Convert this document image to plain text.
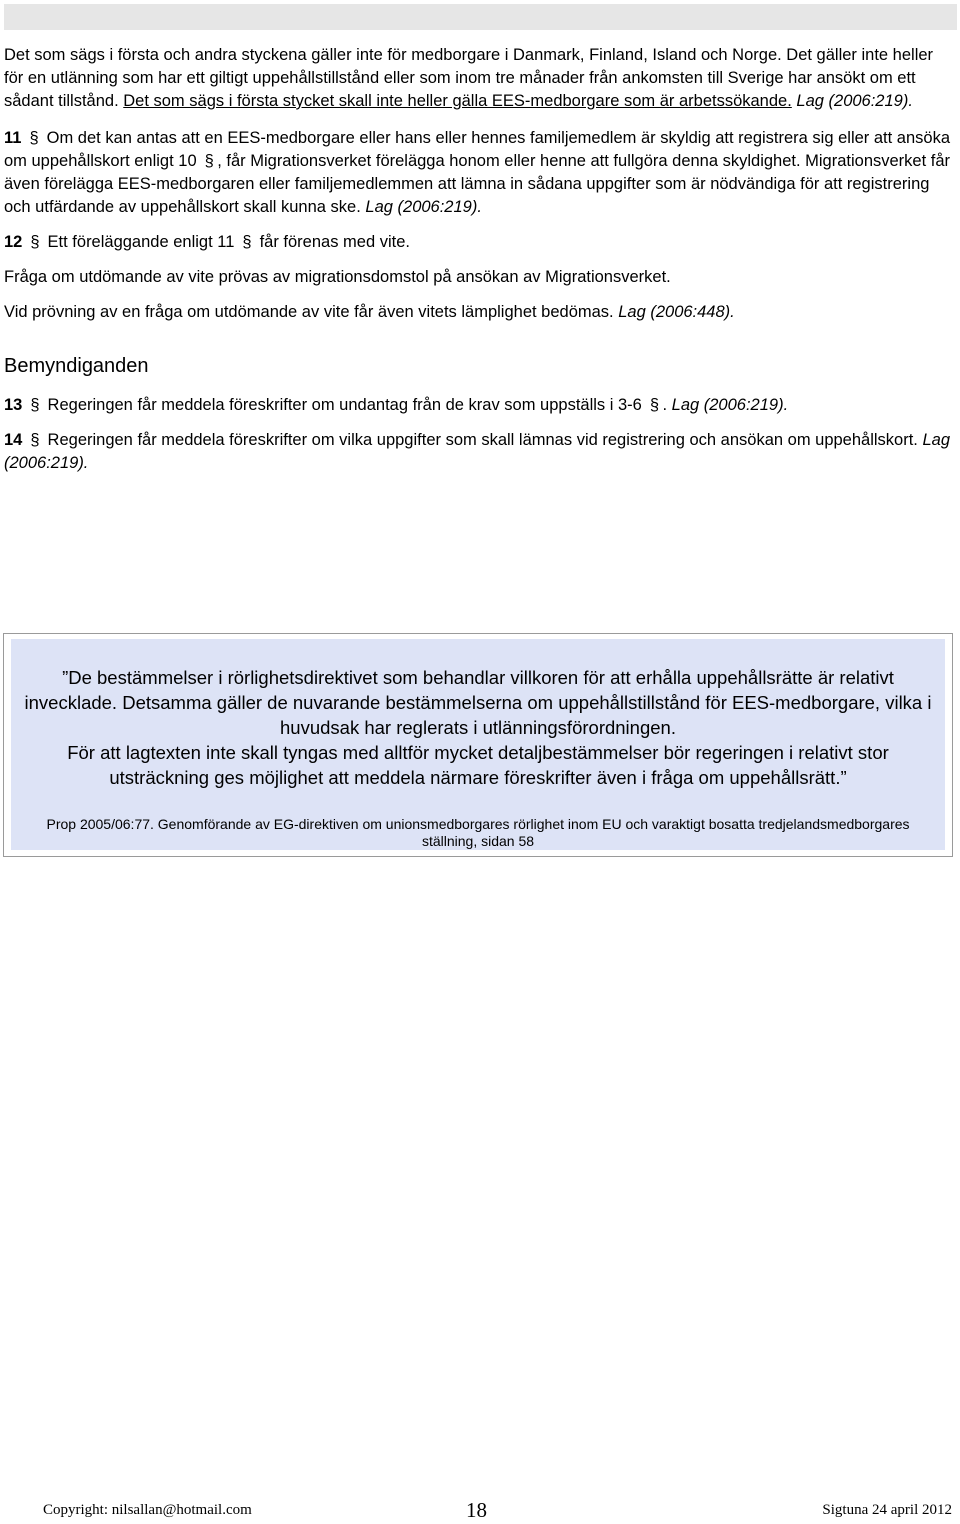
Det som sägs i första och andra styckena gäller inte för medborgare i Danmark, Finland, Island och Norge. Det gäller inte heller för en utlänning som har ett giltigt uppehållstillstånd eller som inom tre månader från ankomsten till Sverige har ansökt om ett sådant tillstånd. Det som sägs i första stycket skall inte heller gälla EES-medborgare som är arbetssökande. Lag (2006:219).

11 § Om det kan antas att en EES-medborgare eller hans eller hennes familjemedlem är skyldig att registrera sig eller att ansöka om uppehållskort enligt 10 § , får Migrationsverket förelägga honom eller henne att fullgöra denna skyldighet. Migrationsverket får även förelägga EES-medborgaren eller familjemedlemmen att lämna in sådana uppgifter som är nödvändiga för att registrering och utfärdande av uppehållskort skall kunna ske. Lag (2006:219).

12 § Ett föreläggande enligt 11 § får förenas med vite.

Fråga om utdömande av vite prövas av migrationsdomstol på ansökan av Migrationsverket.

Vid prövning av en fråga om utdömande av vite får även vitets lämplighet bedömas. Lag (2006:448).

Bemyndiganden

13 § Regeringen får meddela föreskrifter om undantag från de krav som uppställs i 3-6 § . Lag (2006:219).

14 § Regeringen får meddela föreskrifter om vilka uppgifter som skall lämnas vid registrering och ansökan om uppehållskort. Lag (2006:219).

”De bestämmelser i rörlighetsdirektivet som behandlar villkoren för att erhålla uppehållsrätte är relativt invecklade. Detsamma gäller de nuvarande bestämmelserna om uppehållstillstånd för EES-medborgare, vilka i huvudsak har reglerats i utlänningsförordningen.
För att lagtexten inte skall tyngas med alltför mycket detaljbestämmelser bör regeringen i relativt stor utsträckning ges möjlighet att meddela närmare föreskrifter även i fråga om uppehållsrätt.”
Prop 2005/06:77. Genomförande av EG-direktiven om unionsmedborgares rörlighet inom EU och varaktigt bosatta tredjelandsmedborgares ställning, sidan 58
Copyright: nilsallan@hotmail.com	18	Sigtuna 24 april 2012
